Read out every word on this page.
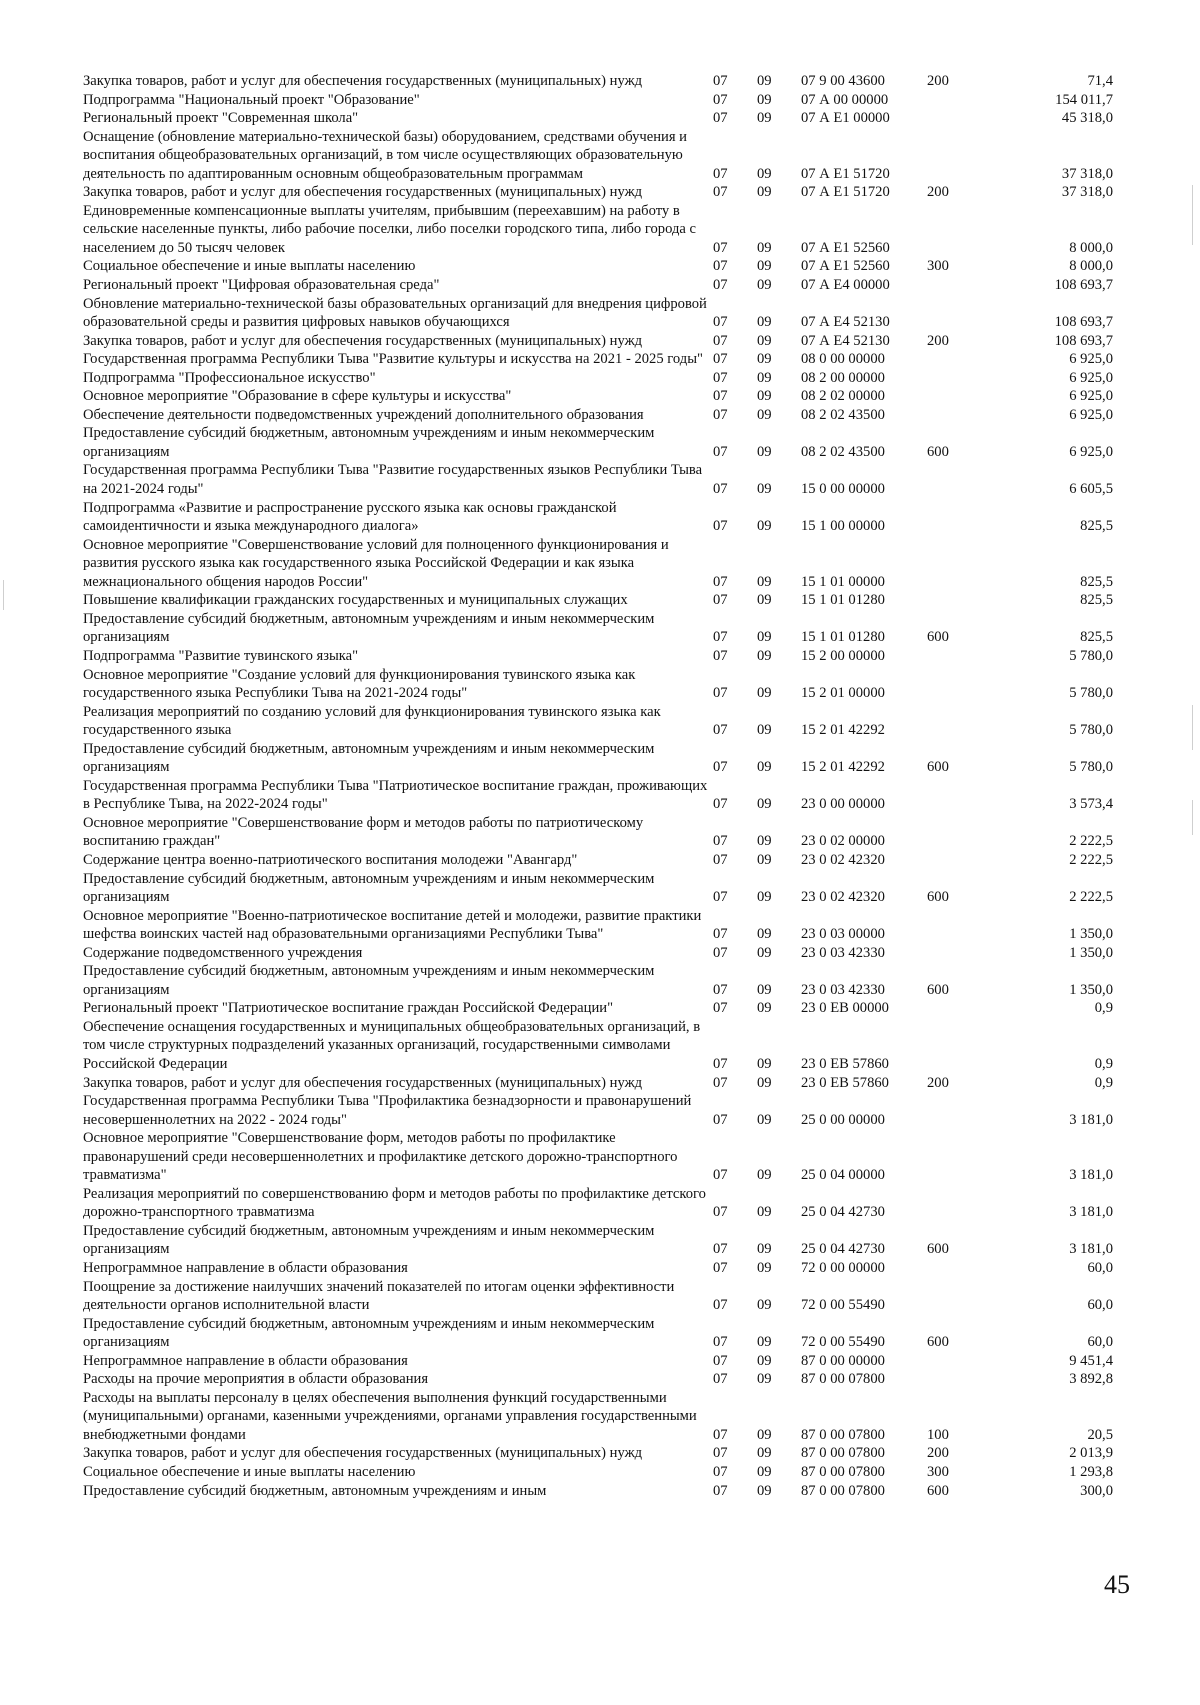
Закупка товаров, работ и услуг для обеспечения государственных (муниципальных) нужд	07	09	07 9 00 43600	200	71,4
Подпрограмма "Национальный проект "Образование"	07	09	07 А 00 00000		154 011,7
Региональный проект "Современная школа"	07	09	07 А Е1 00000		45 318,0
Оснащение (обновление материально-технической базы) оборудованием, средствами обучения и воспитания общеобразовательных организаций, в том числе осуществляющих образовательную деятельность по адаптированным основным общеобразовательным программам	07	09	07 А Е1 51720		37 318,0
Закупка товаров, работ и услуг для обеспечения государственных (муниципальных) нужд	07	09	07 А Е1 51720	200	37 318,0
Единовременные компенсационные выплаты учителям, прибывшим (переехавшим) на работу в сельские населенные пункты, либо рабочие поселки, либо поселки городского типа, либо города с населением до 50 тысяч человек	07	09	07 А Е1 52560		8 000,0
Социальное обеспечение и иные выплаты населению	07	09	07 А Е1 52560	300	8 000,0
Региональный проект "Цифровая образовательная среда"	07	09	07 А Е4 00000		108 693,7
Обновление материально-технической базы образовательных организаций для внедрения цифровой образовательной среды и развития цифровых навыков обучающихся	07	09	07 А Е4 52130		108 693,7
Закупка товаров, работ и услуг для обеспечения государственных (муниципальных) нужд	07	09	07 А Е4 52130	200	108 693,7
Государственная программа Республики Тыва "Развитие культуры и искусства на 2021 - 2025 годы"	07	09	08 0 00 00000		6 925,0
Подпрограмма "Профессиональное искусство"	07	09	08 2 00 00000		6 925,0
Основное мероприятие "Образование в сфере культуры и искусства"	07	09	08 2 02 00000		6 925,0
Обеспечение деятельности подведомственных учреждений дополнительного образования	07	09	08 2 02 43500		6 925,0
Предоставление субсидий бюджетным, автономным учреждениям и иным некоммерческим организациям	07	09	08 2 02 43500	600	6 925,0
Государственная программа Республики Тыва "Развитие государственных языков Республики Тыва на 2021-2024 годы"	07	09	15 0 00 00000		6 605,5
Подпрограмма «Развитие и распространение русского языка как основы гражданской самоидентичности и языка международного диалога»	07	09	15 1 00 00000		825,5
Основное мероприятие "Совершенствование условий для полноценного функционирования и развития русского языка как государственного языка Российской Федерации и как языка межнационального общения народов России"	07	09	15 1 01 00000		825,5
Повышение квалификации гражданских государственных и муниципальных служащих	07	09	15 1 01 01280		825,5
Предоставление субсидий бюджетным, автономным учреждениям и иным некоммерческим организациям	07	09	15 1 01 01280	600	825,5
Подпрограмма "Развитие тувинского языка"	07	09	15 2 00 00000		5 780,0
Основное мероприятие "Создание условий для функционирования тувинского языка как государственного языка Республики Тыва на 2021-2024 годы"	07	09	15 2 01 00000		5 780,0
Реализация мероприятий по созданию условий для функционирования тувинского языка как государственного языка	07	09	15 2 01 42292		5 780,0
Предоставление субсидий бюджетным, автономным учреждениям и иным некоммерческим организациям	07	09	15 2 01 42292	600	5 780,0
Государственная программа Республики Тыва "Патриотическое воспитание граждан, проживающих в Республике Тыва, на 2022-2024 годы"	07	09	23 0 00 00000		3 573,4
Основное мероприятие "Совершенствование форм и методов работы по патриотическому воспитанию граждан"	07	09	23 0 02 00000		2 222,5
Содержание центра военно-патриотического воспитания молодежи "Авангард"	07	09	23 0 02 42320		2 222,5
Предоставление субсидий бюджетным, автономным учреждениям и иным некоммерческим организациям	07	09	23 0 02 42320	600	2 222,5
Основное мероприятие "Военно-патриотическое воспитание детей и молодежи, развитие практики шефства воинских частей над образовательными организациями Республики Тыва"	07	09	23 0 03 00000		1 350,0
Содержание подведомственного учреждения	07	09	23 0 03 42330		1 350,0
Предоставление субсидий бюджетным, автономным учреждениям и иным некоммерческим организациям	07	09	23 0 03 42330	600	1 350,0
Региональный проект "Патриотическое воспитание граждан Российской Федерации"	07	09	23 0 ЕВ 00000		0,9
Обеспечение оснащения государственных и муниципальных общеобразовательных организаций, в том числе структурных подразделений указанных организаций, государственными символами Российской Федерации	07	09	23 0 ЕВ 57860		0,9
Закупка товаров, работ и услуг для обеспечения государственных (муниципальных) нужд	07	09	23 0 ЕВ 57860	200	0,9
Государственная программа Республики Тыва "Профилактика безнадзорности и правонарушений несовершеннолетних на 2022 - 2024 годы"	07	09	25 0 00 00000		3 181,0
Основное мероприятие "Совершенствование форм, методов работы по профилактике правонарушений среди несовершеннолетних и профилактике детского дорожно-транспортного травматизма"	07	09	25 0 04 00000		3 181,0
Реализация мероприятий по совершенствованию форм и методов работы по профилактике детского дорожно-транспортного травматизма	07	09	25 0 04 42730		3 181,0
Предоставление субсидий бюджетным, автономным учреждениям и иным некоммерческим организациям	07	09	25 0 04 42730	600	3 181,0
Непрограммное направление в области образования	07	09	72 0 00 00000		60,0
Поощрение за достижение наилучших значений показателей по итогам оценки эффективности деятельности органов исполнительной власти	07	09	72 0 00 55490		60,0
Предоставление субсидий бюджетным, автономным учреждениям и иным некоммерческим организациям	07	09	72 0 00 55490	600	60,0
Непрограммное направление в области образования	07	09	87 0 00 00000		9 451,4
Расходы на прочие мероприятия в области образования	07	09	87 0 00 07800		3 892,8
Расходы на выплаты персоналу в целях обеспечения выполнения функций государственными (муниципальными) органами, казенными учреждениями, органами управления государственными внебюджетными фондами	07	09	87 0 00 07800	100	20,5
Закупка товаров, работ и услуг для обеспечения государственных (муниципальных) нужд	07	09	87 0 00 07800	200	2 013,9
Социальное обеспечение и иные выплаты населению	07	09	87 0 00 07800	300	1 293,8
Предоставление субсидий бюджетным, автономным учреждениям и иным	07	09	87 0 00 07800	600	300,0
45
